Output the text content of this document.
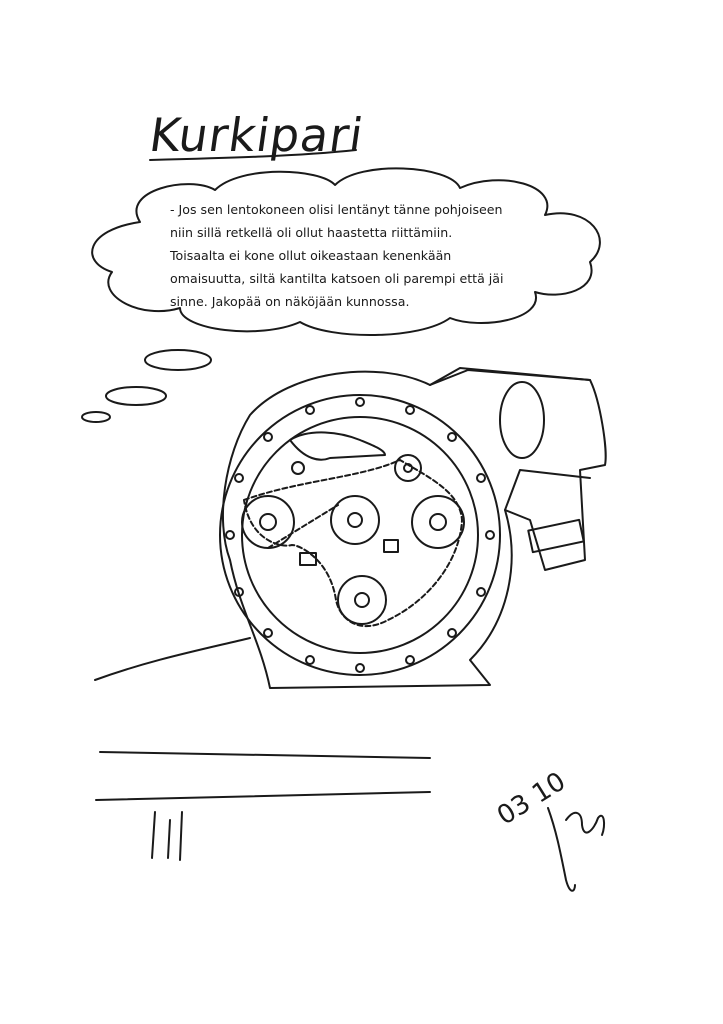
Kurkipari
- Jos sen lentokoneen olisi lentänyt tänne pohjoiseen
niin sillä retkellä oli ollut haastetta riittämiin.
Toisaalta ei kone ollut oikeastaan kenenkään
omaisuutta, siltä kantilta katsoen oli parempi että jäi
sinne. Jakopää on näköjään kunnossa.
03 10
